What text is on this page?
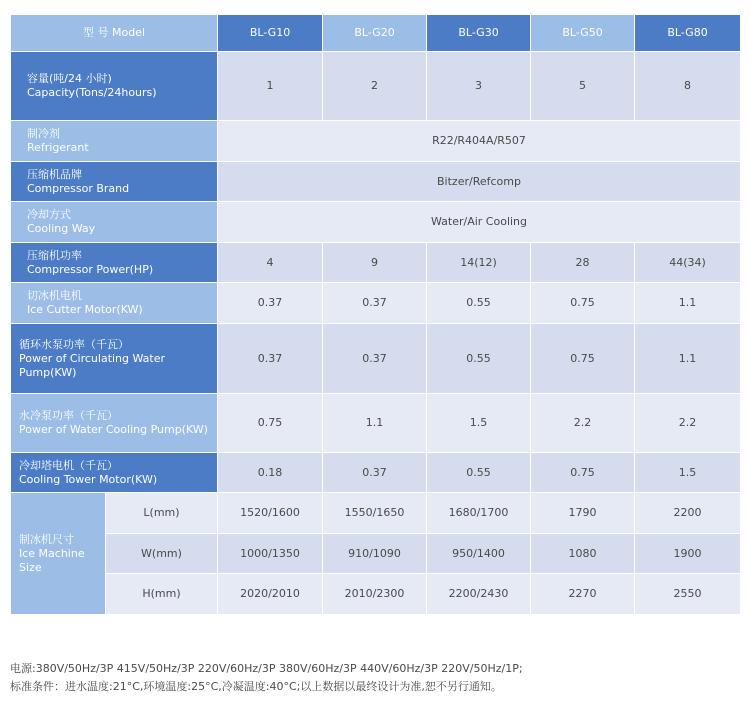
型 号 Model		BL-G10	BL-G20	BL-G30	BL-G50	BL-G80

容量(吨/24 小时)
Capacity(Tons/24hours)		1	2	3	5	8

制冷剂
Refrigerant		R22/R404A/R507				

压缩机品牌
Compressor Brand		Bitzer/Refcomp				

冷却方式
Cooling Way		Water/Air Cooling				

压缩机功率
Compressor Power(HP)		4	9	14(12)	28	44(34)

切冰机电机
Ice Cutter Motor(KW)		0.37	0.37	0.55	0.75	1.1

循环水泵功率（千瓦）
Power of Circulating Water Pump(KW)		0.37	0.37	0.55	0.75	1.1

水冷泵功率（千瓦）
Power of Water Cooling Pump(KW)		0.75	1.1	1.5	2.2	2.2

冷却塔电机（千瓦）
Cooling Tower Motor(KW)		0.18	0.37	0.55	0.75	1.5

制冰机尺寸
Ice Machine Size	L(mm)	1520/1600	1550/1650	1680/1700	1790	2200
	W(mm)	1000/1350	910/1090	950/1400	1080	1900
	H(mm)	2020/2010	2010/2300	2200/2430	2270	2550
电源:380V/50Hz/3P 415V/50Hz/3P 220V/60Hz/3P 380V/60Hz/3P 440V/60Hz/3P 220V/50Hz/1P;
标准条件：进水温度:21°C,环境温度:25°C,冷凝温度:40°C;以上数据以最终设计为准,恕不另行通知。
